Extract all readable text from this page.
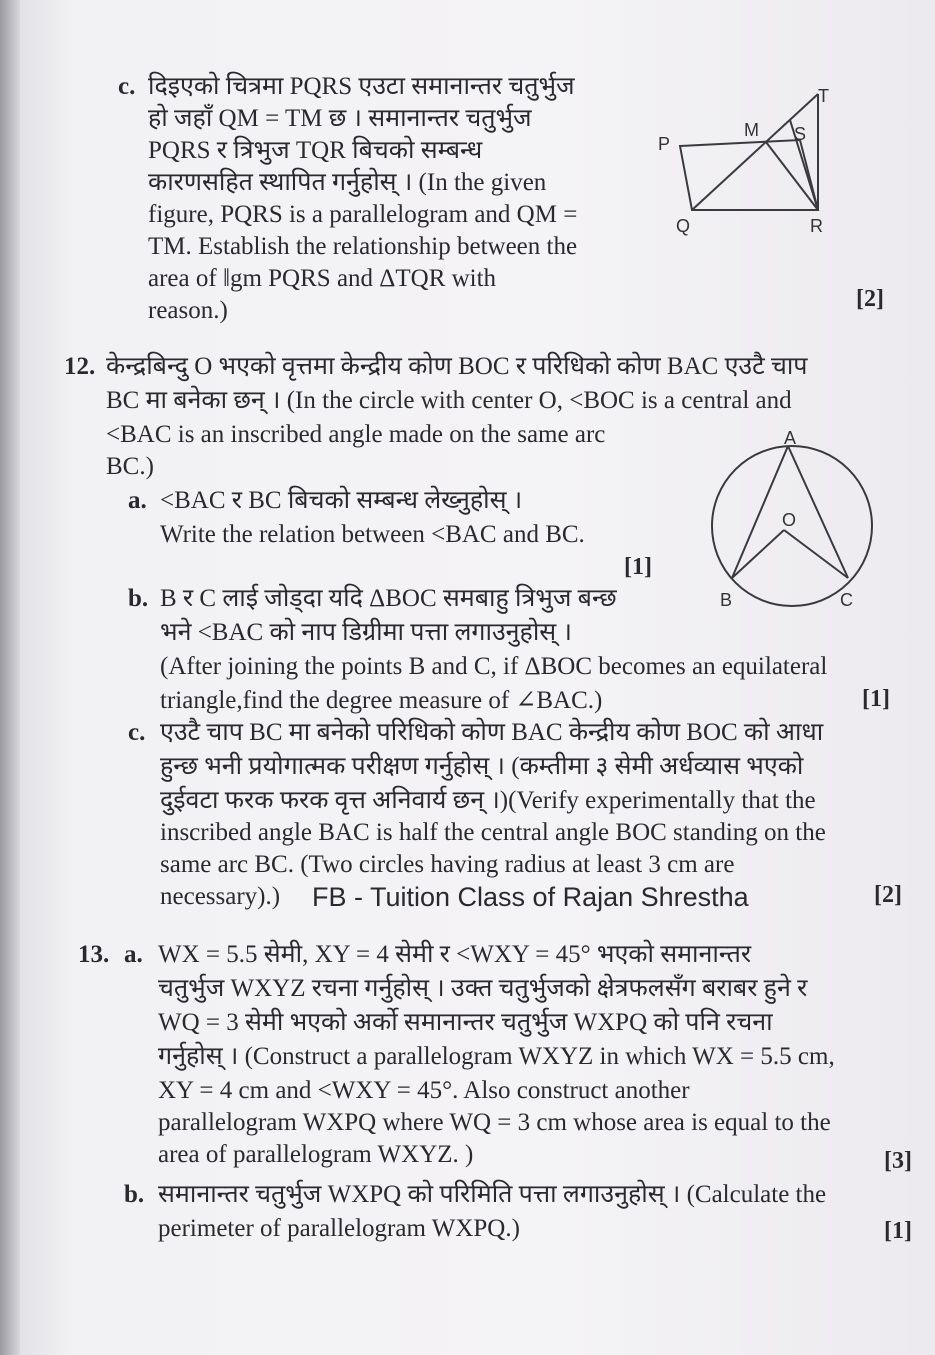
c. दिइएको चित्रमा PQRS एउटा समानान्तर चतुर्भुज
हो जहाँ QM = TM छ । समानान्तर चतुर्भुज
PQRS र त्रिभुज TQR बिचको सम्बन्ध
कारणसहित स्थापित गर्नुहोस् । (In the given
figure, PQRS is a parallelogram and QM =
TM. Establish the relationship between the
area of ǁgm PQRS and ΔTQR with
reason.)	[2]
P
Q	R
S
T
M
12. केन्द्रबिन्दु O भएको वृत्तमा केन्द्रीय कोण BOC र परिधिको कोण BAC एउटै चाप
BC मा बनेका छन् । (In the circle with center O, <BOC is a central and
<BAC is an inscribed angle made on the same arc
BC.)
a. <BAC र BC बिचको सम्बन्ध लेख्नुहोस् ।
Write the relation between <BAC and BC.
[1]
A
O
B	C
b. B र C लाई जोड्दा यदि ΔBOC समबाहु त्रिभुज बन्छ
भने <BAC को नाप डिग्रीमा पत्ता लगाउनुहोस् ।
(After joining the points B and C, if ΔBOC becomes an equilateral
triangle,find the degree measure of ∠BAC.)	[1]
c. एउटै चाप BC मा बनेको परिधिको कोण BAC केन्द्रीय कोण BOC को आधा
हुन्छ भनी प्रयोगात्मक परीक्षण गर्नुहोस् । (कम्तीमा ३ सेमी अर्धव्यास भएको
दुईवटा फरक फरक वृत्त अनिवार्य छन् ।)(Verify experimentally that the
inscribed angle BAC is half the central angle BOC standing on the
same arc BC. (Two circles having radius at least 3 cm are
necessary).) FB - Tuition Class of Rajan Shrestha	[2]
13. a. WX = 5.5 सेमी, XY = 4 सेमी र <WXY = 45° भएको समानान्तर
चतुर्भुज WXYZ रचना गर्नुहोस् । उक्त चतुर्भुजको क्षेत्रफलसँग बराबर हुने र
WQ = 3 सेमी भएको अर्को समानान्तर चतुर्भुज WXPQ को पनि रचना
गर्नुहोस् । (Construct a parallelogram WXYZ in which WX = 5.5 cm,
XY = 4 cm and <WXY = 45°. Also construct another
parallelogram WXPQ where WQ = 3 cm whose area is equal to the
area of parallelogram WXYZ. )	[3]
b. समानान्तर चतुर्भुज WXPQ को परिमिति पत्ता लगाउनुहोस् । (Calculate the
perimeter of parallelogram WXPQ.)	[1]
